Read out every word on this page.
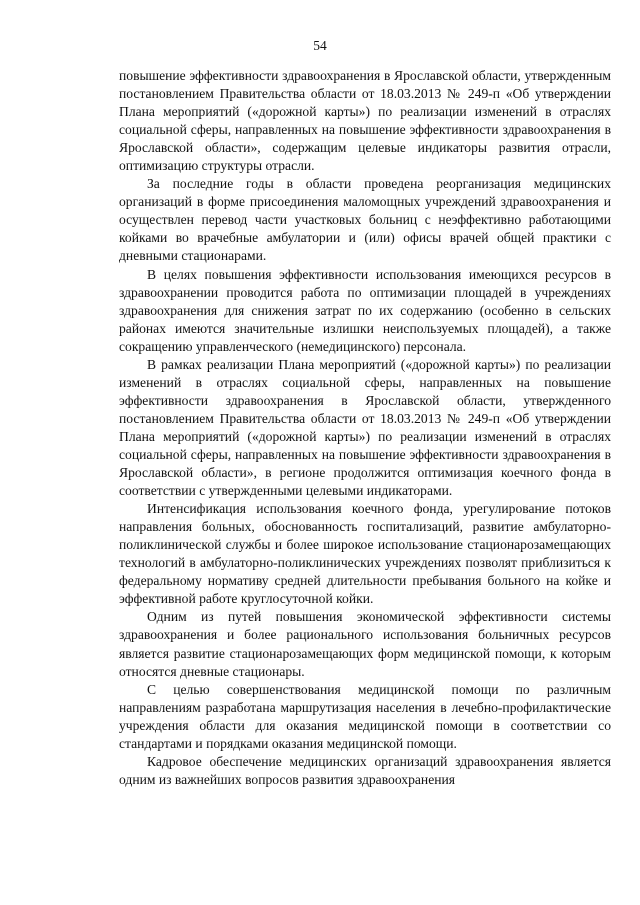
54

повышение эффективности здравоохранения в Ярославской области, утвержденным постановлением Правительства области от 18.03.2013 № 249-п «Об утверждении Плана мероприятий («дорожной карты») по реализации изменений в отраслях социальной сферы, направленных на повышение эффективности здравоохранения в Ярославской области», содержащим целевые индикаторы развития отрасли, оптимизацию структуры отрасли.

За последние годы в области проведена реорганизация медицинских организаций в форме присоединения маломощных учреждений здравоохранения и осуществлен перевод части участковых больниц с неэффективно работающими койками во врачебные амбулатории и (или) офисы врачей общей практики с дневными стационарами.

В целях повышения эффективности использования имеющихся ресурсов в здравоохранении проводится работа по оптимизации площадей в учреждениях здравоохранения для снижения затрат по их содержанию (особенно в сельских районах имеются значительные излишки неиспользуемых площадей), а также сокращению управленческого (немедицинского) персонала.

В рамках реализации Плана мероприятий («дорожной карты») по реализации изменений в отраслях социальной сферы, направленных на повышение эффективности здравоохранения в Ярославской области, утвержденного постановлением Правительства области от 18.03.2013 № 249-п «Об утверждении Плана мероприятий («дорожной карты») по реализации изменений в отраслях социальной сферы, направленных на повышение эффективности здравоохранения в Ярославской области», в регионе продолжится оптимизация коечного фонда в соответствии с утвержденными целевыми индикаторами.

Интенсификация использования коечного фонда, урегулирование потоков направления больных, обоснованность госпитализаций, развитие амбулаторно-поликлинической службы и более широкое использование стационарозамещающих технологий в амбулаторно-поликлинических учреждениях позволят приблизиться к федеральному нормативу средней длительности пребывания больного на койке и эффективной работе круглосуточной койки.

Одним из путей повышения экономической эффективности системы здравоохранения и более рационального использования больничных ресурсов является развитие стационарозамещающих форм медицинской помощи, к которым относятся дневные стационары.

С целью совершенствования медицинской помощи по различным направлениям разработана маршрутизация населения в лечебно-профилактические учреждения области для оказания медицинской помощи в соответствии со стандартами и порядками оказания медицинской помощи.

Кадровое обеспечение медицинских организаций здравоохранения является одним из важнейших вопросов развития здравоохранения
